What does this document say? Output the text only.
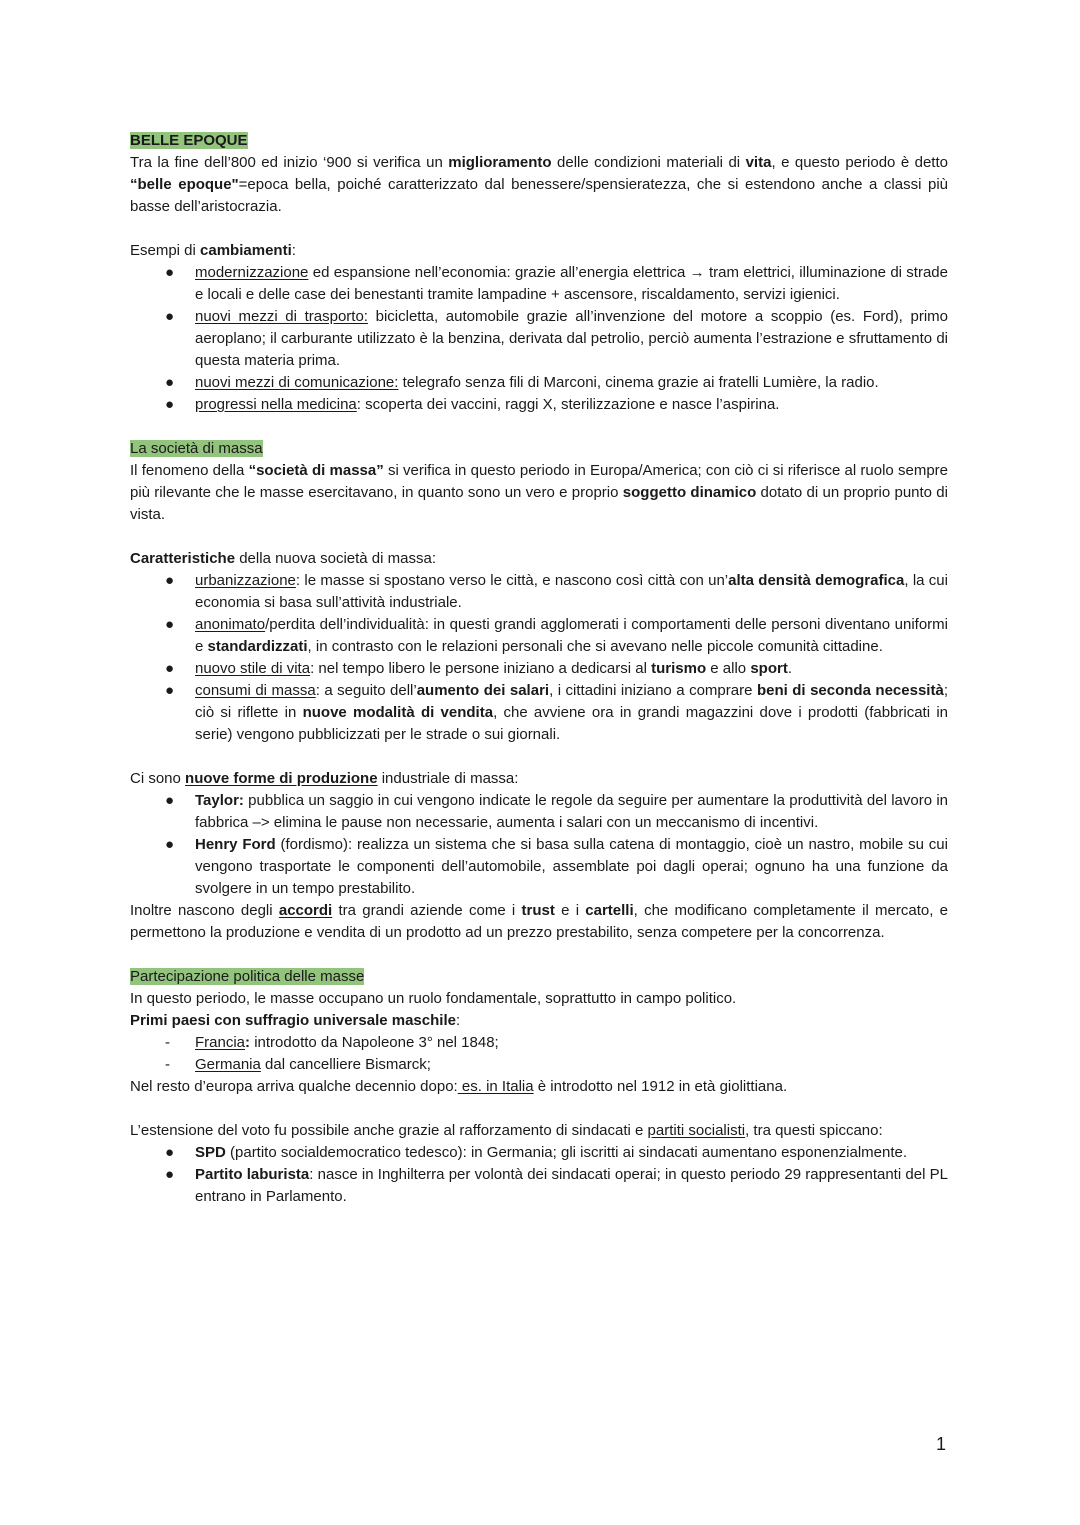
BELLE EPOQUE

Tra la fine dell’800 ed inizio ‘900 si verifica un miglioramento delle condizioni materiali di vita, e questo periodo è detto “belle epoque"=epoca bella, poiché caratterizzato dal benessere/spensieratezza, che si estendono anche a classi più basse dell’aristocrazia.

Esempi di cambiamenti:

● modernizzazione ed espansione nell’economia: grazie all’energia elettrica → tram elettrici, illuminazione di strade e locali e delle case dei benestanti tramite lampadine + ascensore, riscaldamento, servizi igienici.
● nuovi mezzi di trasporto: bicicletta, automobile grazie all’invenzione del motore a scoppio (es. Ford), primo aeroplano; il carburante utilizzato è la benzina, derivata dal petrolio, perciò aumenta l’estrazione e sfruttamento di questa materia prima.
● nuovi mezzi di comunicazione: telegrafo senza fili di Marconi, cinema grazie ai fratelli Lumière, la radio.
● progressi nella medicina: scoperta dei vaccini, raggi X, sterilizzazione e nasce l’aspirina.

La società di massa

Il fenomeno della “società di massa” si verifica in questo periodo in Europa/America; con ciò ci si riferisce al ruolo sempre più rilevante che le masse esercitavano, in quanto sono un vero e proprio soggetto dinamico dotato di un proprio punto di vista.

Caratteristiche della nuova società di massa:

● urbanizzazione: le masse si spostano verso le città, e nascono così città con un’alta densità demografica, la cui economia si basa sull’attività industriale.
● anonimato/perdita dell’individualità: in questi grandi agglomerati i comportamenti delle personi diventano uniformi e standardizzati, in contrasto con le relazioni personali che si avevano nelle piccole comunità cittadine.
● nuovo stile di vita: nel tempo libero le persone iniziano a dedicarsi al turismo e allo sport.
● consumi di massa: a seguito dell’aumento dei salari, i cittadini iniziano a comprare beni di seconda necessità; ciò si riflette in nuove modalità di vendita, che avviene ora in grandi magazzini dove i prodotti (fabbricati in serie) vengono pubblicizzati per le strade o sui giornali.

Ci sono nuove forme di produzione industriale di massa:

● Taylor: pubblica un saggio in cui vengono indicate le regole da seguire per aumentare la produttività del lavoro in fabbrica –> elimina le pause non necessarie, aumenta i salari con un meccanismo di incentivi.
● Henry Ford (fordismo): realizza un sistema che si basa sulla catena di montaggio, cioè un nastro, mobile su cui vengono trasportate le componenti dell’automobile, assemblate poi dagli operai; ognuno ha una funzione da svolgere in un tempo prestabilito.

Inoltre nascono degli accordi tra grandi aziende come i trust e i cartelli, che modificano completamente il mercato, e permettono la produzione e vendita di un prodotto ad un prezzo prestabilito, senza competere per la concorrenza.

Partecipazione politica delle masse

In questo periodo, le masse occupano un ruolo fondamentale, soprattutto in campo politico.

Primi paesi con suffragio universale maschile:

- Francia: introdotto da Napoleone 3° nel 1848;
- Germania dal cancelliere Bismarck;

Nel resto d’europa arriva qualche decennio dopo: es. in Italia è introdotto nel 1912 in età giolittiana.

L’estensione del voto fu possibile anche grazie al rafforzamento di sindacati e partiti socialisti, tra questi spiccano:

● SPD (partito socialdemocratico tedesco): in Germania; gli iscritti ai sindacati aumentano esponenzialmente.
● Partito laburista: nasce in Inghilterra per volontà dei sindacati operai; in questo periodo 29 rappresentanti del PL entrano in Parlamento.
1
